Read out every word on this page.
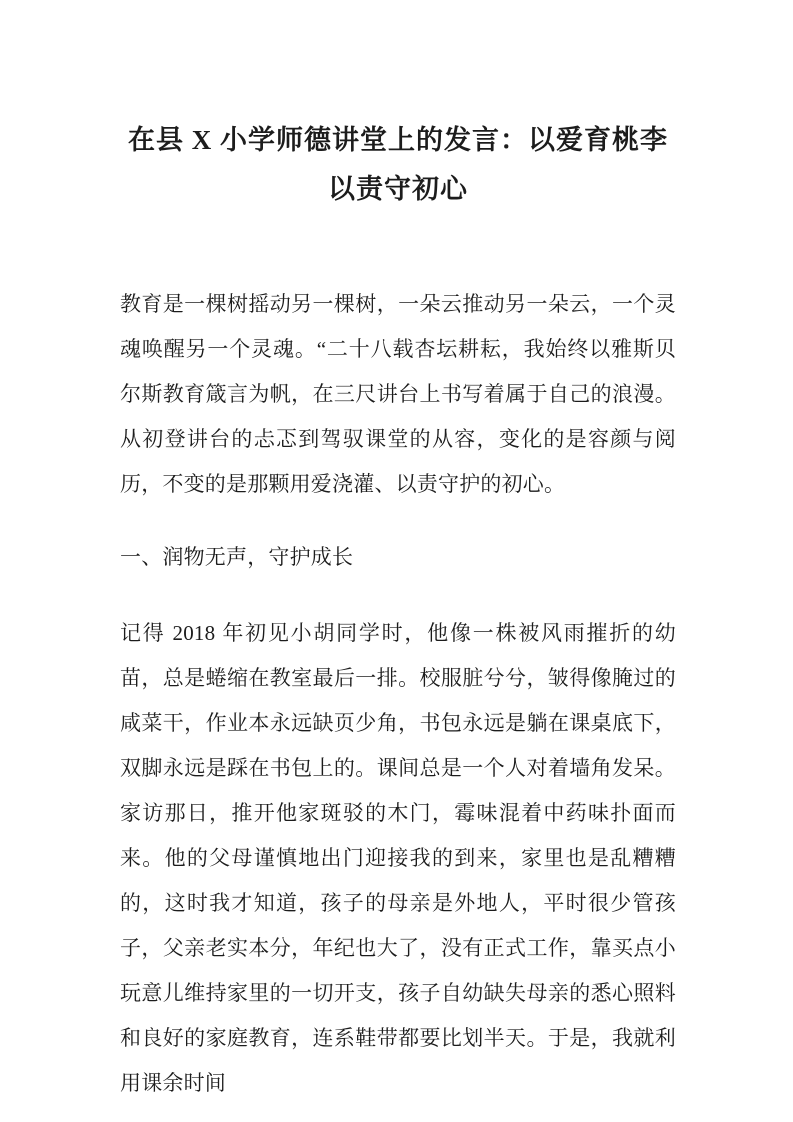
在县 X 小学师德讲堂上的发言：以爱育桃李
以责守初心

教育是一棵树摇动另一棵树，一朵云推动另一朵云，一个灵魂唤醒另一个灵魂。“二十八载杏坛耕耘，我始终以雅斯贝尔斯教育箴言为帆，在三尺讲台上书写着属于自己的浪漫。从初登讲台的忐忑到驾驭课堂的从容，变化的是容颜与阅历，不变的是那颗用爱浇灌、以责守护的初心。

一、润物无声，守护成长

记得 2018 年初见小胡同学时，他像一株被风雨摧折的幼苗，总是蜷缩在教室最后一排。校服脏兮兮，皱得像腌过的咸菜干，作业本永远缺页少角，书包永远是躺在课桌底下，双脚永远是踩在书包上的。课间总是一个人对着墙角发呆。家访那日，推开他家斑驳的木门，霉味混着中药味扑面而来。他的父母谨慎地出门迎接我的到来，家里也是乱糟糟的，这时我才知道，孩子的母亲是外地人，平时很少管孩子，父亲老实本分，年纪也大了，没有正式工作，靠买点小玩意儿维持家里的一切开支，孩子自幼缺失母亲的悉心照料和良好的家庭教育，连系鞋带都要比划半天。于是，我就利用课余时间
